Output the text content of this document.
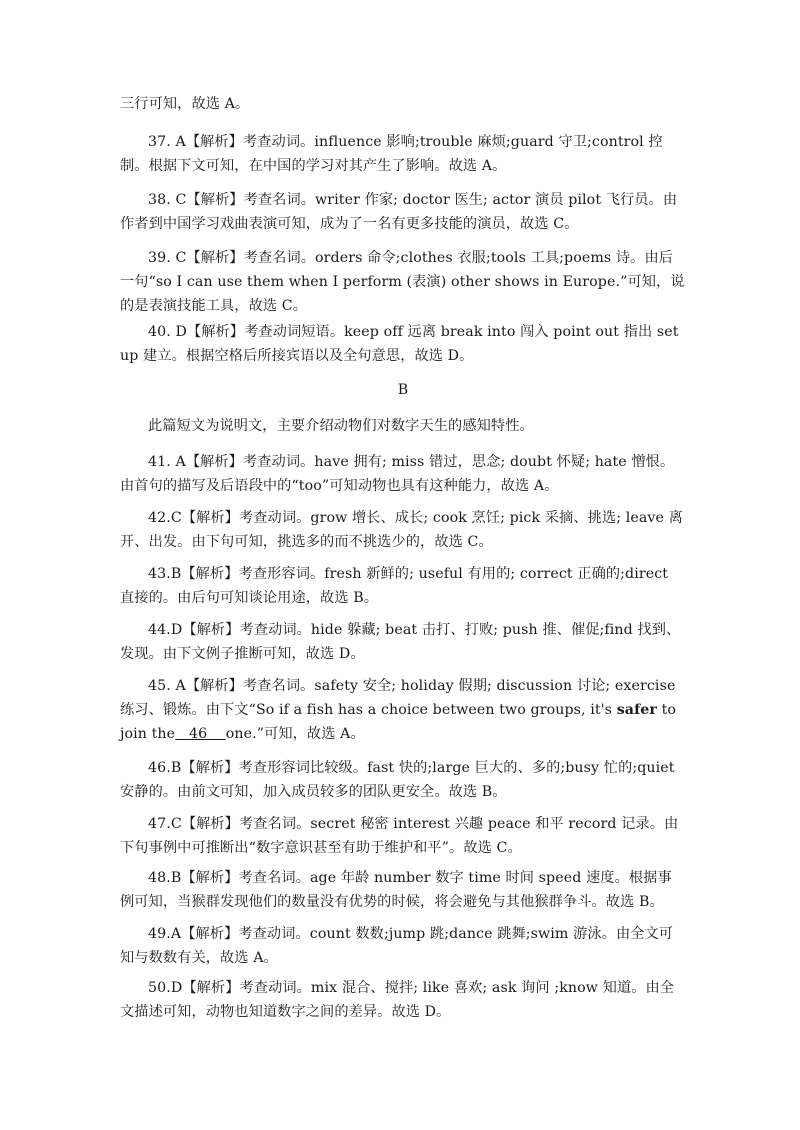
三行可知，故选 A。

37. A【解析】考查动词。influence 影响;trouble 麻烦;guard 守卫;control 控制。根据下文可知，在中国的学习对其产生了影响。故选 A。

38. C【解析】考查名词。writer 作家; doctor 医生; actor 演员 pilot 飞行员。由作者到中国学习戏曲表演可知，成为了一名有更多技能的演员，故选 C。

39. C【解析】考查名词。orders 命令;clothes 衣服;tools 工具;poems 诗。由后一句“so I can use them when I perform (表演) other shows in Europe.”可知，说的是表演技能工具，故选 C。

40. D【解析】考查动词短语。keep off 远离 break into 闯入 point out 指出 set up 建立。根据空格后所接宾语以及全句意思，故选 D。

B

此篇短文为说明文，主要介绍动物们对数字天生的感知特性。

41. A【解析】考查动词。have 拥有; miss 错过，思念; doubt 怀疑; hate 憎恨。由首句的描写及后语段中的“too”可知动物也具有这种能力，故选 A。

42.C【解析】考查动词。grow 增长、成长; cook 烹饪; pick 采摘、挑选; leave 离开、出发。由下句可知，挑选多的而不挑选少的，故选 C。

43.B【解析】考查形容词。fresh 新鲜的; useful 有用的; correct 正确的;direct 直接的。由后句可知谈论用途，故选 B。

44.D【解析】考查动词。hide 躲藏; beat 击打、打败; push 推、催促;find 找到、发现。由下文例子推断可知，故选 D。

45. A【解析】考查名词。safety 安全; holiday 假期; discussion 讨论; exercise 练习、锻炼。由下文“So if a fish has a choice between two groups, it's safer to join the 46 one.”可知，故选 A。

46.B【解析】考查形容词比较级。fast 快的;large 巨大的、多的;busy 忙的;quiet 安静的。由前文可知，加入成员较多的团队更安全。故选 B。

47.C【解析】考查名词。secret 秘密 interest 兴趣 peace 和平 record 记录。由下句事例中可推断出“数字意识甚至有助于维护和平”。故选 C。

48.B【解析】考查名词。age 年龄 number 数字 time 时间 speed 速度。根据事例可知，当猴群发现他们的数量没有优势的时候，将会避免与其他猴群争斗。故选 B。

49.A【解析】考查动词。count 数数;jump 跳;dance 跳舞;swim 游泳。由全文可知与数数有关，故选 A。

50.D【解析】考查动词。mix 混合、搅拌; like 喜欢; ask 询问 ;know 知道。由全文描述可知，动物也知道数字之间的差异。故选 D。
